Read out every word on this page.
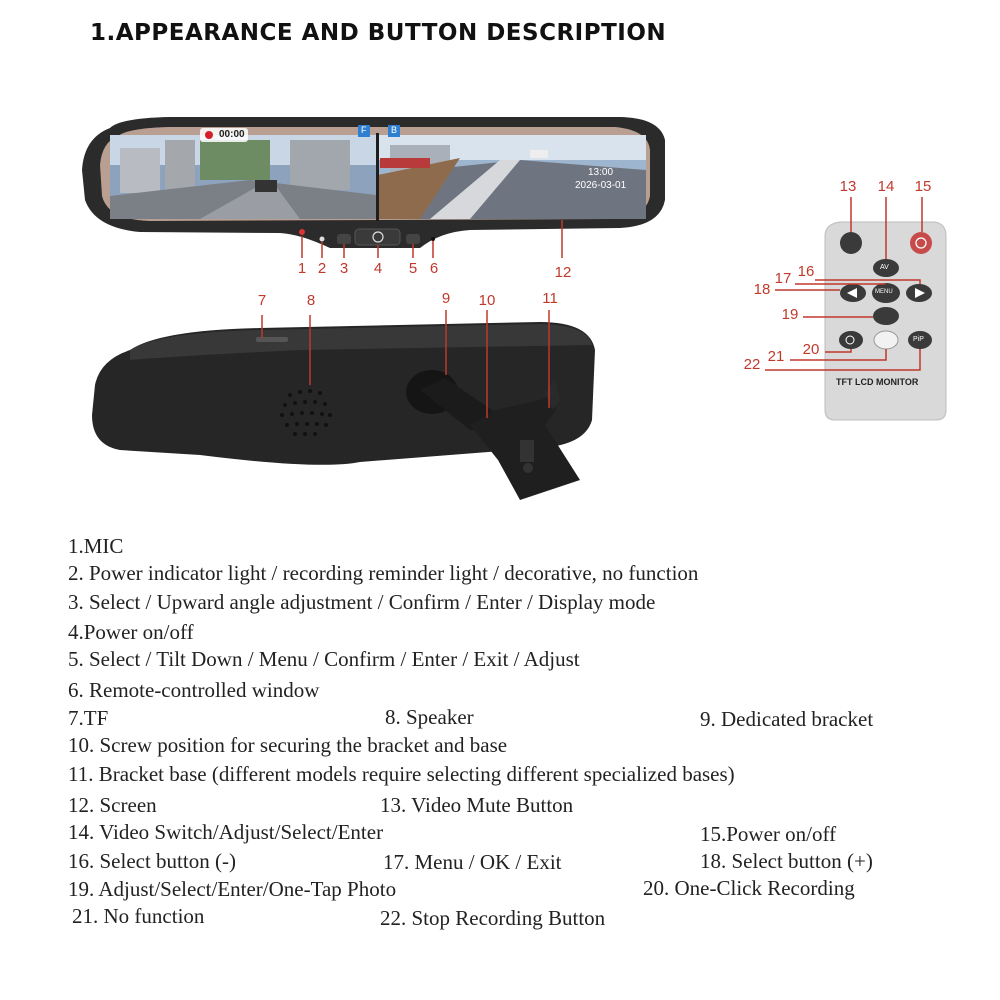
1.APPEARANCE AND BUTTON DESCRIPTION
00:00	F	B
13:00
2026-03-01
AV
MENU
PiP
TFT LCD MONITOR
1 2 3 4 5 6	12
7	8	9 10	11
13 14 15
16
17
18
19
20
21
22
1.MIC
2. Power indicator light / recording reminder light / decorative, no function
3. Select / Upward angle adjustment / Confirm / Enter / Display mode
4.Power on/off
5. Select / Tilt Down / Menu / Confirm / Enter / Exit / Adjust
6. Remote-controlled window
7.TF	8. Speaker	9. Dedicated bracket
10. Screw position for securing the bracket and base
11. Bracket base (different models require selecting different specialized bases)
12. Screen	13. Video Mute Button
14. Video Switch/Adjust/Select/Enter	15.Power on/off
16. Select button (-)	17. Menu / OK / Exit	18. Select button (+)
19. Adjust/Select/Enter/One-Tap Photo	20. One-Click Recording
21. No function	22. Stop Recording Button
